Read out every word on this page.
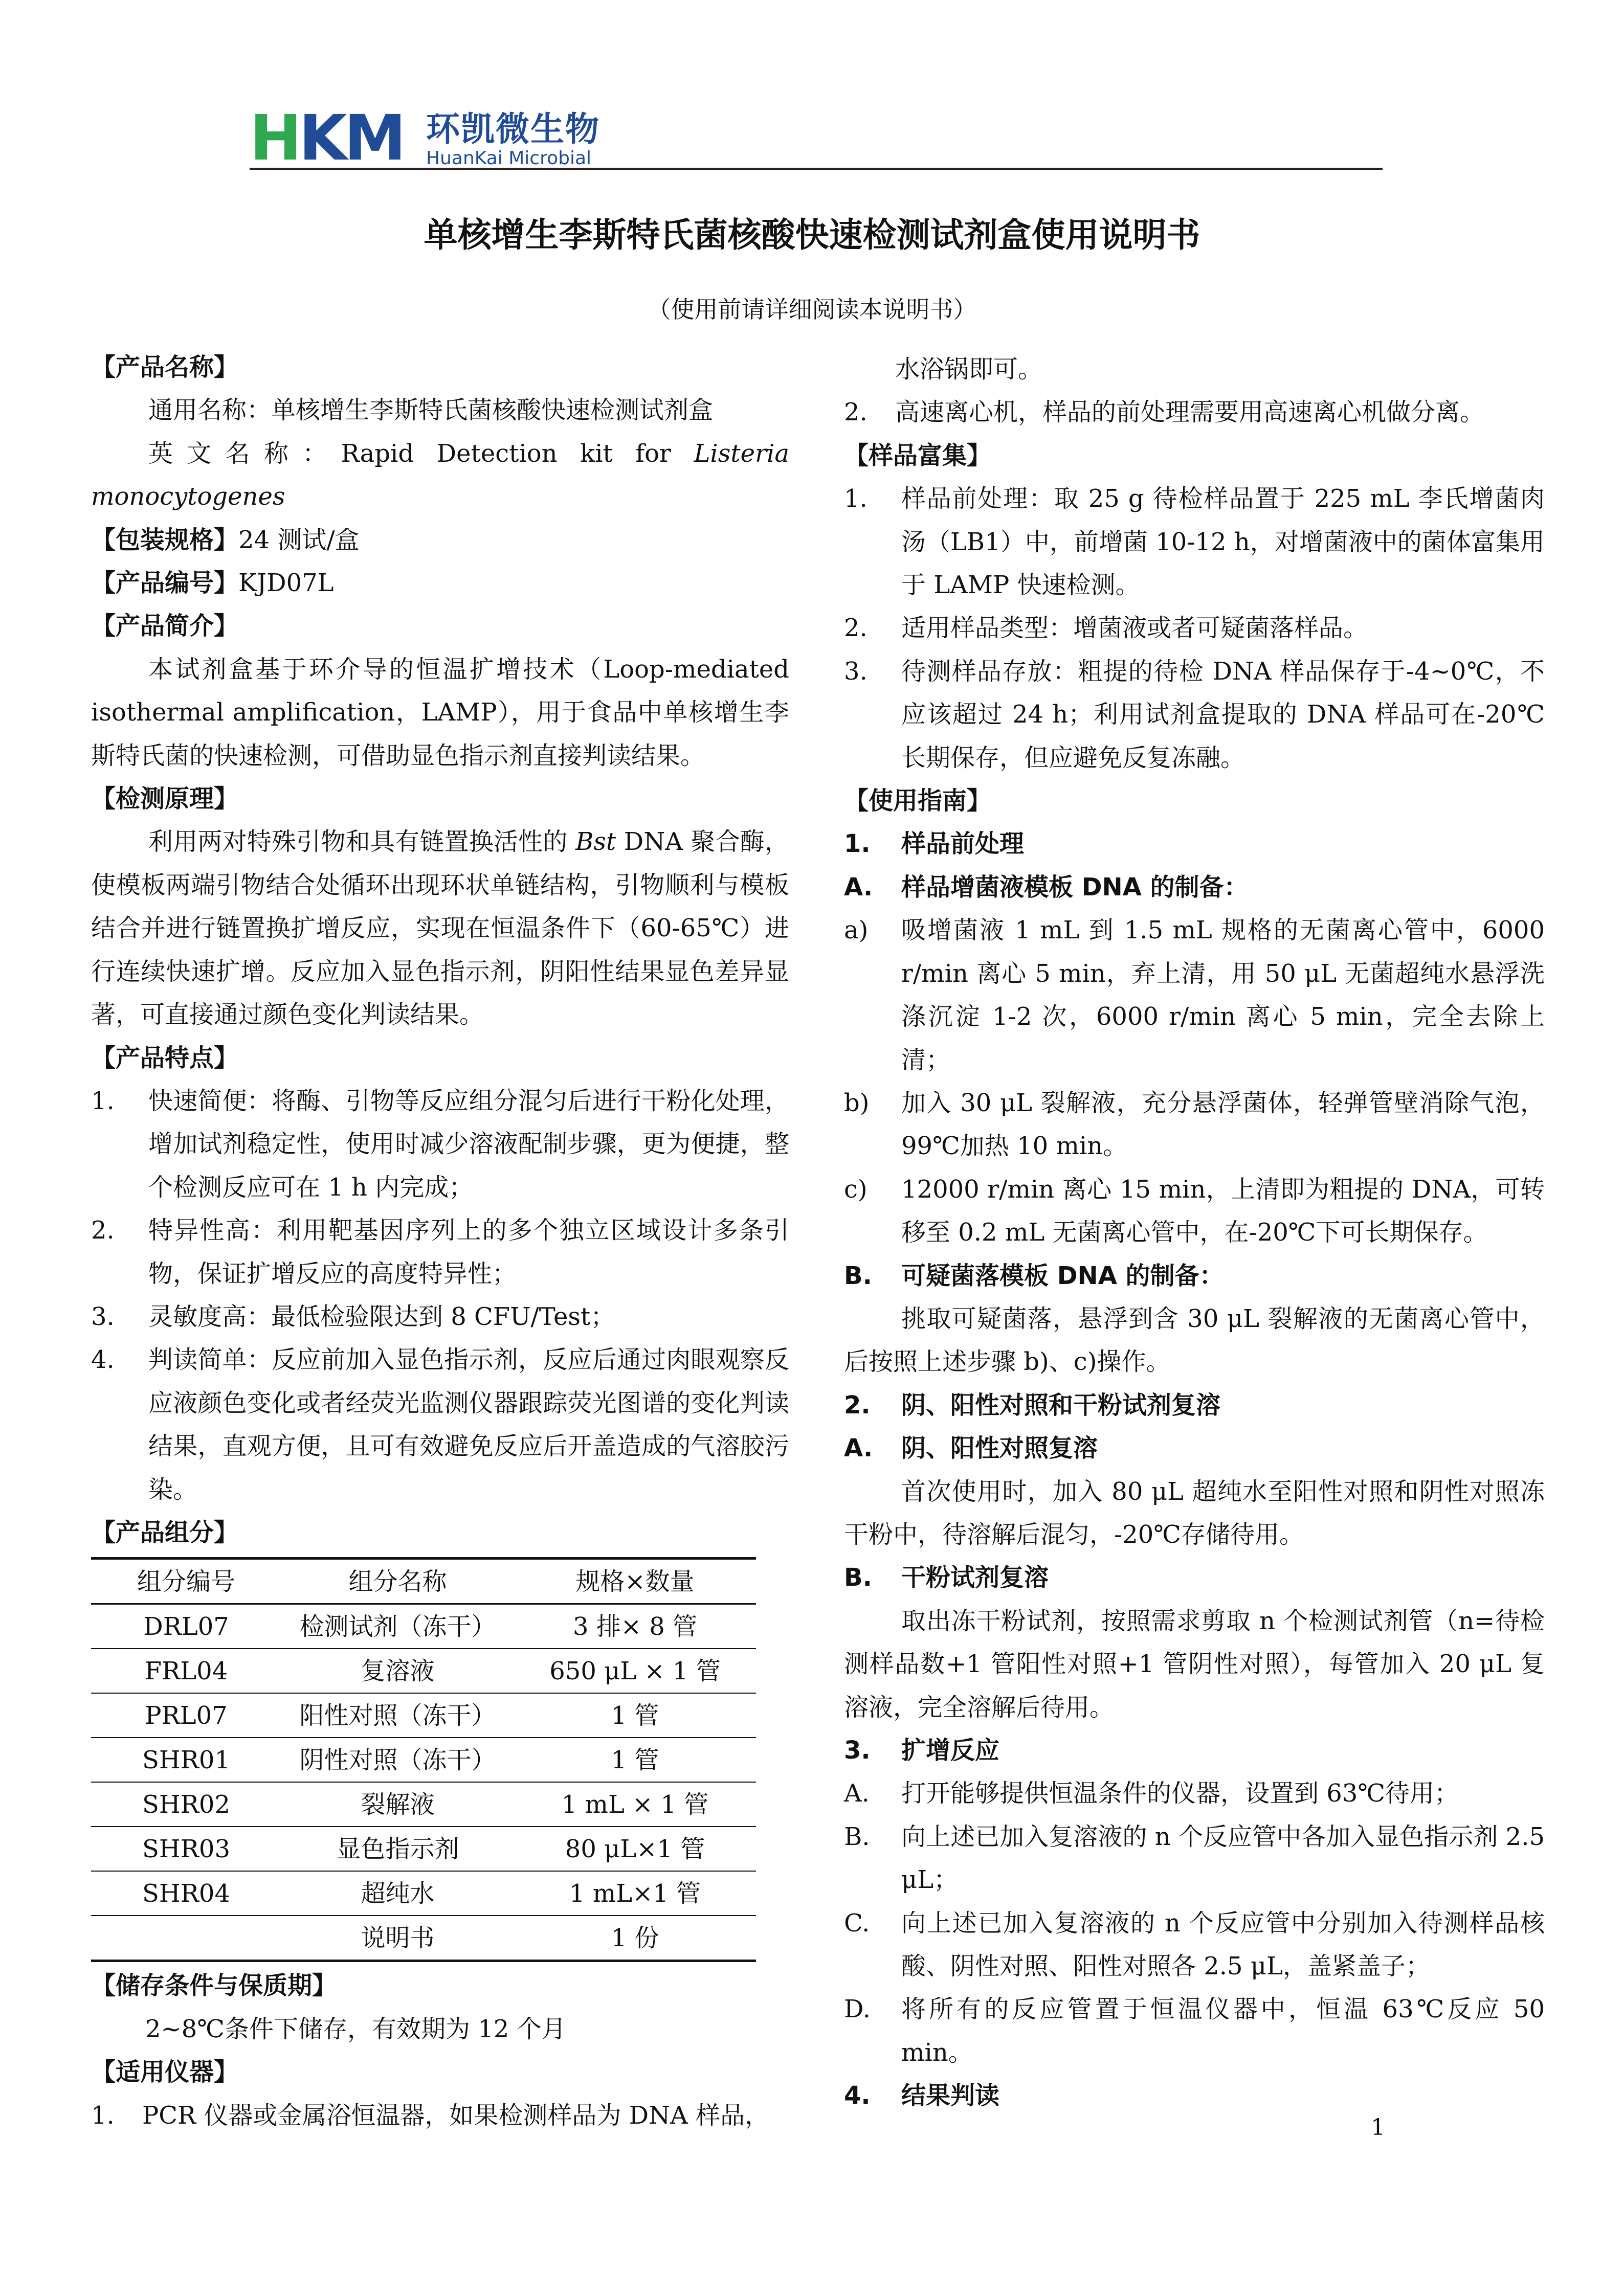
HKM 环凯微生物
HuanKai Microbial
单核增生李斯特氏菌核酸快速检测试剂盒使用说明书
（使用前请详细阅读本说明书）
【产品名称】
通用名称：单核增生李斯特氏菌核酸快速检测试剂盒
英文名称：Rapid Detection kit for Listeria monocytogenes
【包装规格】24 测试/盒
【产品编号】KJD07L
【产品简介】
本试剂盒基于环介导的恒温扩增技术（Loop-mediated isothermal amplification，LAMP），用于食品中单核增生李斯特氏菌的快速检测，可借助显色指示剂直接判读结果。
【检测原理】
利用两对特殊引物和具有链置换活性的 Bst DNA 聚合酶，使模板两端引物结合处循环出现环状单链结构，引物顺利与模板结合并进行链置换扩增反应，实现在恒温条件下（60-65℃）进行连续快速扩增。反应加入显色指示剂，阴阳性结果显色差异显著，可直接通过颜色变化判读结果。
【产品特点】
1. 快速简便：将酶、引物等反应组分混匀后进行干粉化处理，增加试剂稳定性，使用时减少溶液配制步骤，更为便捷，整个检测反应可在 1 h 内完成；
2. 特异性高：利用靶基因序列上的多个独立区域设计多条引物，保证扩增反应的高度特异性；
3. 灵敏度高：最低检验限达到 8 CFU/Test；
4. 判读简单：反应前加入显色指示剂，反应后通过肉眼观察反应液颜色变化或者经荧光监测仪器跟踪荧光图谱的变化判读结果，直观方便，且可有效避免反应后开盖造成的气溶胶污染。
【产品组分】
组分编号	组分名称	规格×数量
DRL07	检测试剂（冻干）	3 排× 8 管
FRL04	复溶液	650 μL × 1 管
PRL07	阳性对照（冻干）	1 管
SHR01	阴性对照（冻干）	1 管
SHR02	裂解液	1 mL × 1 管
SHR03	显色指示剂	80 μL×1 管
SHR04	超纯水	1 mL×1 管
	说明书	1 份
【储存条件与保质期】
2~8℃条件下储存，有效期为 12 个月
【适用仪器】
1. PCR 仪器或金属浴恒温器，如果检测样品为 DNA 样品，
水浴锅即可。
2. 高速离心机，样品的前处理需要用高速离心机做分离。
【样品富集】
1. 样品前处理：取 25 g 待检样品置于 225 mL 李氏增菌肉汤（LB1）中，前增菌 10-12 h，对增菌液中的菌体富集用于 LAMP 快速检测。
2. 适用样品类型：增菌液或者可疑菌落样品。
3. 待测样品存放：粗提的待检 DNA 样品保存于-4~0℃，不应该超过 24 h；利用试剂盒提取的 DNA 样品可在-20℃长期保存，但应避免反复冻融。
【使用指南】
1. 样品前处理
A. 样品增菌液模板 DNA 的制备：
a) 吸增菌液 1 mL 到 1.5 mL 规格的无菌离心管中，6000 r/min 离心 5 min，弃上清，用 50 μL 无菌超纯水悬浮洗涤沉淀 1-2 次，6000 r/min 离心 5 min，完全去除上清；
b) 加入 30 μL 裂解液，充分悬浮菌体，轻弹管壁消除气泡，99℃加热 10 min。
c) 12000 r/min 离心 15 min，上清即为粗提的 DNA，可转移至 0.2 mL 无菌离心管中，在-20℃下可长期保存。
B. 可疑菌落模板 DNA 的制备：
挑取可疑菌落，悬浮到含 30 μL 裂解液的无菌离心管中，后按照上述步骤 b)、c)操作。
2. 阴、阳性对照和干粉试剂复溶
A. 阴、阳性对照复溶
首次使用时，加入 80 μL 超纯水至阳性对照和阴性对照冻干粉中，待溶解后混匀，-20℃存储待用。
B. 干粉试剂复溶
取出冻干粉试剂，按照需求剪取 n 个检测试剂管（n=待检测样品数+1 管阳性对照+1 管阴性对照），每管加入 20 μL 复溶液，完全溶解后待用。
3. 扩增反应
A. 打开能够提供恒温条件的仪器，设置到 63℃待用；
B. 向上述已加入复溶液的 n 个反应管中各加入显色指示剂 2.5 μL；
C. 向上述已加入复溶液的 n 个反应管中分别加入待测样品核酸、阴性对照、阳性对照各 2.5 μL，盖紧盖子；
D. 将所有的反应管置于恒温仪器中，恒温 63℃反应 50 min。
4. 结果判读
1
